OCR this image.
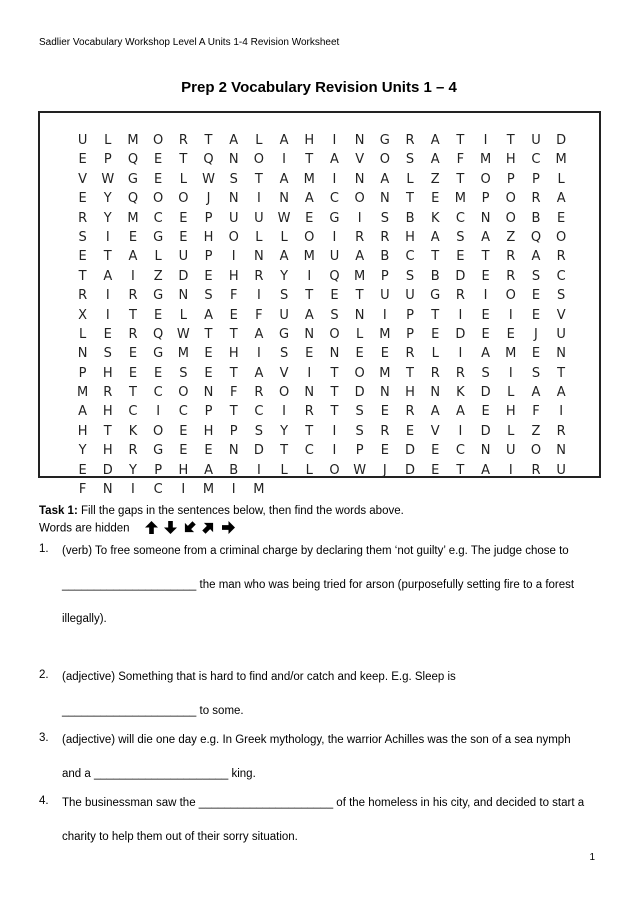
Sadlier Vocabulary Workshop Level A Units 1-4 Revision Worksheet
Prep 2 Vocabulary Revision Units 1 – 4
U	L	M	O	R	T	A	L	A	H	I	N	G	R	A	T	I	T	U	D
E	P	Q	E	T	Q	N	O	I	T	A	V	O	S	A	F	M	H	C	M
V	W	G	E	L	W	S	T	A	M	I	N	A	L	Z	T	O	P	P	L
E	Y	Q	O	O	J	N	I	N	A	C	O	N	T	E	M	P	O	R	A
R	Y	M	C	E	P	U	U	W	E	G	I	S	B	K	C	N	O	B	E
S	I	E	G	E	H	O	L	L	O	I	R	R	H	A	S	A	Z	Q	O
E	T	A	L	U	P	I	N	A	M	U	A	B	C	T	E	T	R	A	R
T	A	I	Z	D	E	H	R	Y	I	Q	M	P	S	B	D	E	R	S	C
R	I	R	G	N	S	F	I	S	T	E	T	U	U	G	R	I	O	E	S
X	I	T	E	L	A	E	F	U	A	S	N	I	P	T	I	E	I	E	V
L	E	R	Q	W	T	T	A	G	N	O	L	M	P	E	D	E	E	J	U
N	S	E	G	M	E	H	I	S	E	N	E	E	R	L	I	A	M	E	N
P	H	E	E	S	E	T	A	V	I	T	O	M	T	R	R	S	I	S	T
M	R	T	C	O	N	F	R	O	N	T	D	N	H	N	K	D	L	A	A
A	H	C	I	C	P	T	C	I	R	T	S	E	R	A	A	E	H	F	I
H	T	K	O	E	H	P	S	Y	T	I	S	R	E	V	I	D	L	Z	R
Y	H	R	G	E	E	N	D	T	C	I	P	E	D	E	C	N	U	O	N
E	D	Y	P	H	A	B	I	L	L	O	W	J	D	E	T	A	I	R	U
F	N	I	C	I	M	I	M
Task 1: Fill the gaps in the sentences below, then find the words above.
Words are hidden
1. (verb) To free someone from a criminal charge by declaring them ‘not guilty’ e.g. The judge chose to
_____________________ the man who was being tried for arson (purposefully setting fire to a forest
illegally).
2. (adjective) Something that is hard to find and/or catch and keep. E.g. Sleep is
_____________________ to some.
3. (adjective) will die one day e.g. In Greek mythology, the warrior Achilles was the son of a sea nymph
and a _____________________ king.
4. The businessman saw the _____________________ of the homeless in his city, and decided to start a
charity to help them out of their sorry situation.
1
